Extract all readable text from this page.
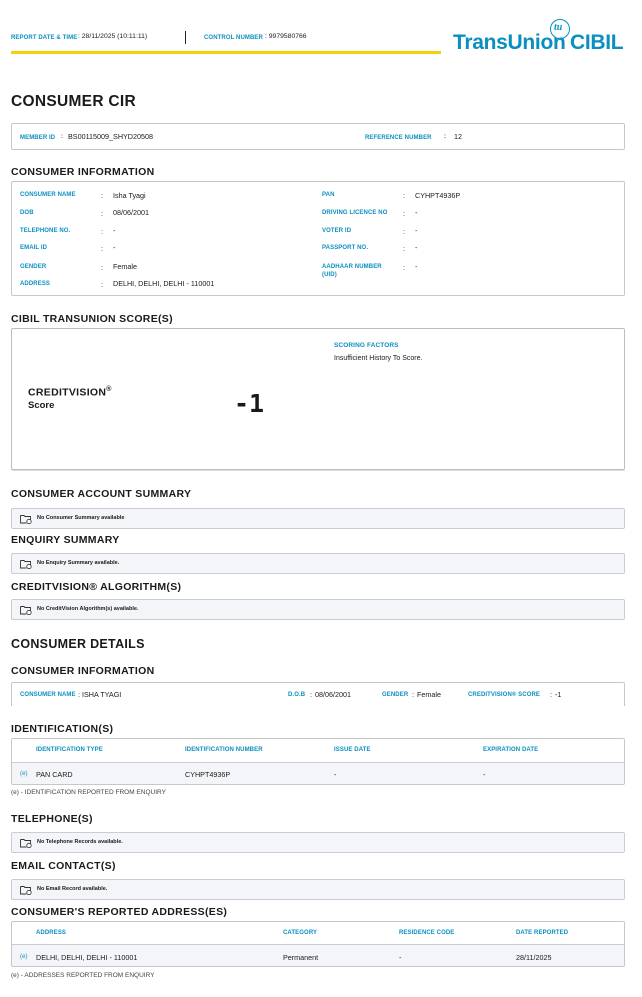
REPORT DATE & TIME : 28/11/2025 (10:11:11)	CONTROL NUMBER : 9979580766	TransUnion
tu
CIBIL
CONSUMER CIR
MEMBER ID : BS00115009_SHYD20508	REFERENCE NUMBER : 12
CONSUMER INFORMATION
CONSUMER NAME	: Isha Tyagi
DOB	: 08/06/2001
TELEPHONE NO.	: -
EMAIL ID	: -
GENDER	: Female
ADDRESS	: DELHI, DELHI, DELHI - 110001
PAN	: CYHPT4936P
DRIVING LICENCE NO : -
VOTER ID	: -
PASSPORT NO.	: -
AADHAAR NUMBER
(UID)
: -
CIBIL TRANSUNION SCORE(S)
CREDITVISION®
Score	-1
SCORING FACTORS
Insufficient History To Score.
CONSUMER ACCOUNT SUMMARY
No Consumer Summary available
ENQUIRY SUMMARY
No Enquiry Summary available.
CREDITVISION® ALGORITHM(S)
No CreditVision Algorithm(s) available.
CONSUMER DETAILS
CONSUMER INFORMATION
CONSUMER NAME ISHA TYAGI
:	D.O.B : 08/06/2001	GENDER : Female	CREDITVISION® SCORE : -1
IDENTIFICATION(S)
IDENTIFICATION TYPE	IDENTIFICATION NUMBER	ISSUE DATE	EXPIRATION DATE
(e) PAN CARD	CYHPT4936P	-	-
(e) - IDENTIFICATION REPORTED FROM ENQUIRY
TELEPHONE(S)
No Telephone Records available.
EMAIL CONTACT(S)
No Email Record available.
CONSUMER'S REPORTED ADDRESS(ES)
ADDRESS	CATEGORY	RESIDENCE CODE	DATE REPORTED
(e) DELHI, DELHI, DELHI - 110001	Permanent	-	28/11/2025
(e) - ADDRESSES REPORTED FROM ENQUIRY
